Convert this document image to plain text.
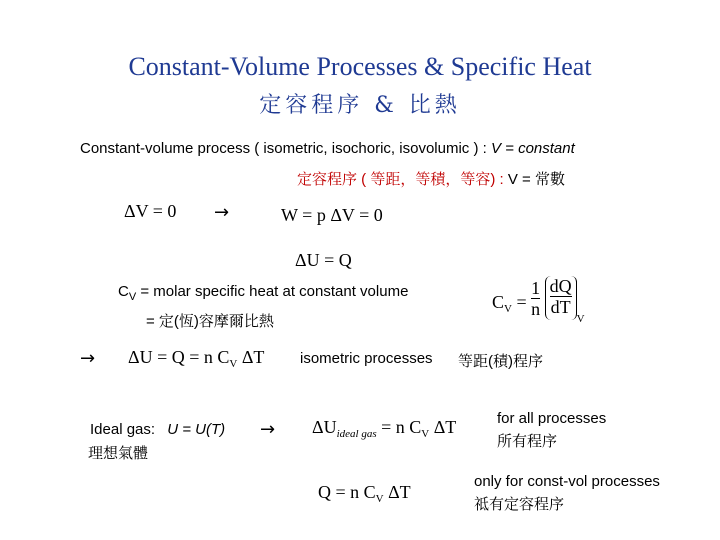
Constant-Volume Processes & Specific Heat
定容程序 & 比熱
Constant-volume process ( isometric, isochoric, isovolumic ) : V = constant
定容程序 ( 等距，等積，等容) : V = 常數
ΔV = 0 →	W = p ΔV = 0
ΔU = Q
$C_V$ = molar specific heat at constant volume
= 定(恆)容摩爾比熱
$C_V = \frac{1}{n}$
$\frac{dQ}{dT}$
$_V$
→ ΔU = Q = n $C_V$ ΔT isometric processes 等距(積)程序
Ideal gas: U = U(T)
理想氣體
→ $\Delta U_{ideal gas} = n$ $C_V$ ΔT	for all processes
所有程序
Q = n $C_V$ ΔT
only for const-vol processes
祗有定容程序
